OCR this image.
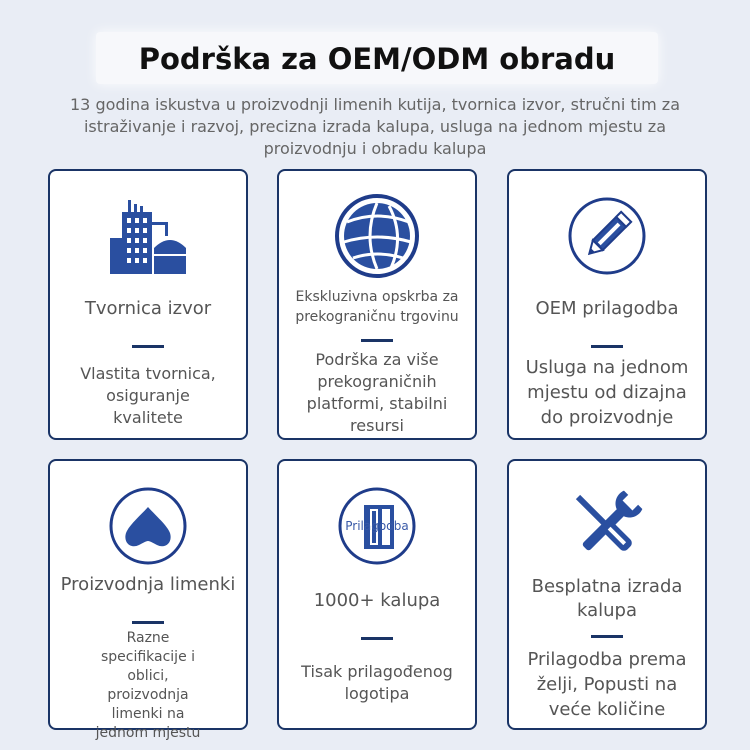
Podrška za OEM/ODM obradu

13 godina iskustva u proizvodnji limenih kutija, tvornica izvor, stručni tim za istraživanje i razvoj, precizna izrada kalupa, usluga na jednom mjestu za proizvodnju i obradu kalupa

Tvornica izvor
Vlastita tvornica, osiguranje kvalitete
Ekskluzivna opskrba za prekograničnu trgovinu
Podrška za više prekograničnih platformi, stabilni resursi
OEM prilagodba
Usluga na jednom mjestu od dizajna do proizvodnje
Proizvodnja limenki
Razne specifikacije i oblici, proizvodnja limenki na jednom mjestu
Prilagodba
1000+ kalupa
Tisak prilagođenog logotipa
Besplatna izrada kalupa
Prilagodba prema želji, Popusti na veće količine
